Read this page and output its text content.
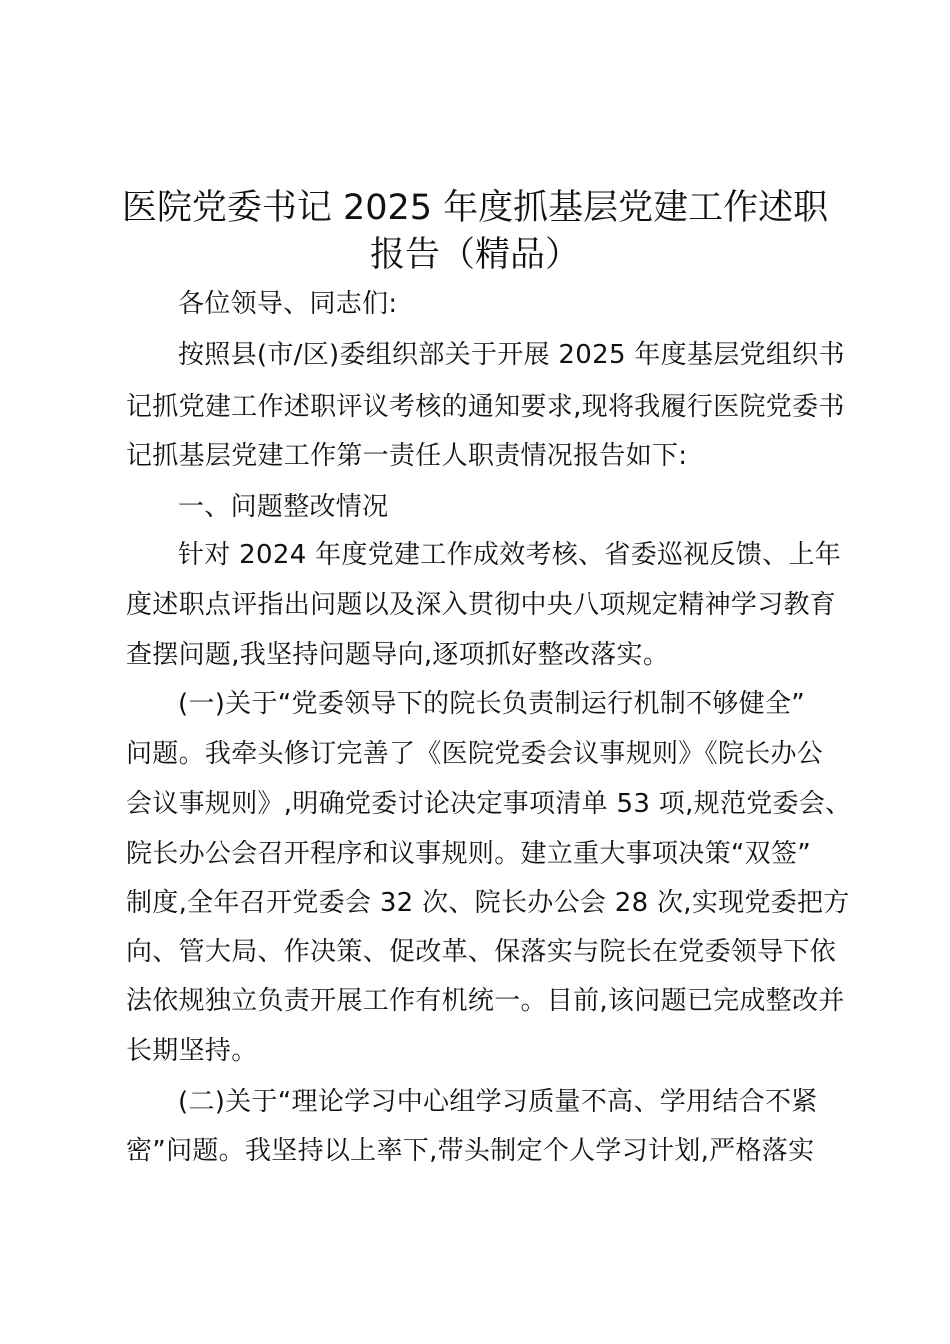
医院党委书记 2025 年度抓基层党建工作述职
报告（精品）
各位领导、同志们:
按照县(市/区)委组织部关于开展 2025 年度基层党组织书
记抓党建工作述职评议考核的通知要求,现将我履行医院党委书
记抓基层党建工作第一责任人职责情况报告如下:
一、问题整改情况
针对 2024 年度党建工作成效考核、省委巡视反馈、上年
度述职点评指出问题以及深入贯彻中央八项规定精神学习教育
查摆问题,我坚持问题导向,逐项抓好整改落实。
(一)关于“党委领导下的院长负责制运行机制不够健全”
问题。我牵头修订完善了《医院党委会议事规则》《院长办公
会议事规则》,明确党委讨论决定事项清单 53 项,规范党委会、
院长办公会召开程序和议事规则。建立重大事项决策“双签”
制度,全年召开党委会 32 次、院长办公会 28 次,实现党委把方
向、管大局、作决策、促改革、保落实与院长在党委领导下依
法依规独立负责开展工作有机统一。目前,该问题已完成整改并
长期坚持。
(二)关于“理论学习中心组学习质量不高、学用结合不紧
密”问题。我坚持以上率下,带头制定个人学习计划,严格落实
